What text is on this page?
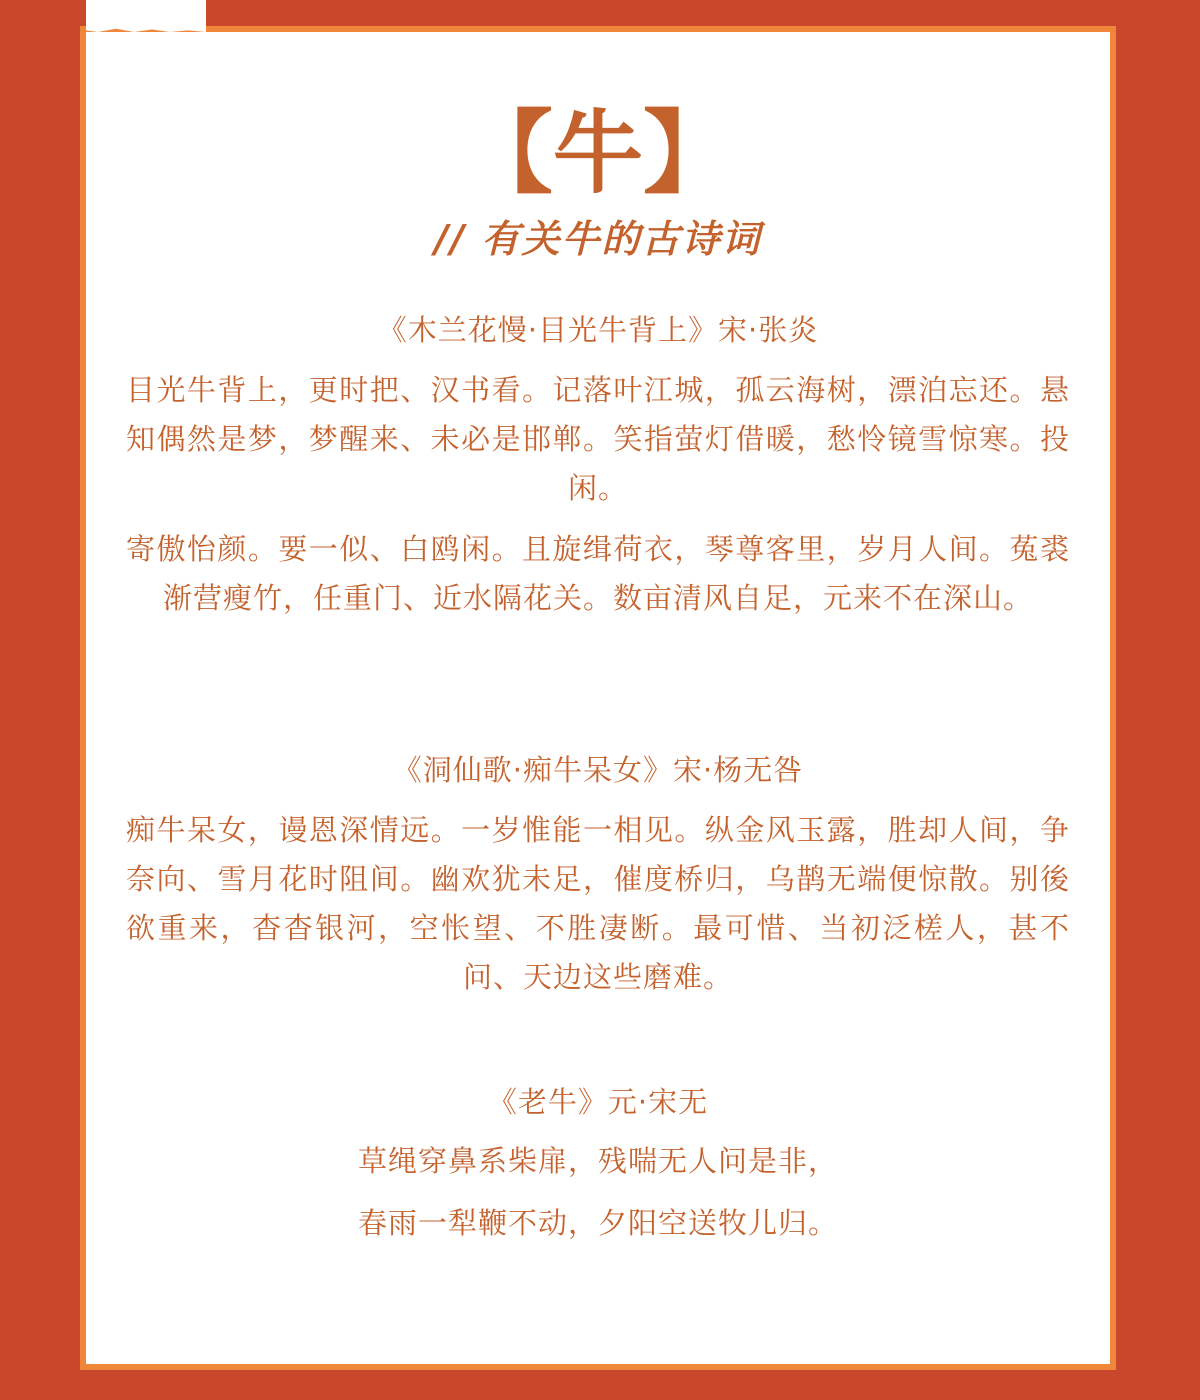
【牛】
// 有关牛的古诗词
《木兰花慢·目光牛背上》宋·张炎
目光牛背上，更时把、汉书看。记落叶江城，孤云海树，漂泊忘还。悬知偶然是梦，梦醒来、未必是邯郸。笑指萤灯借暖，愁怜镜雪惊寒。投闲。
寄傲怡颜。要一似、白鸥闲。且旋缉荷衣，琴尊客里，岁月人间。菟裘渐营瘦竹，任重门、近水隔花关。数亩清风自足，元来不在深山。
《洞仙歌·痴牛呆女》宋·杨无咎
痴牛呆女，谩恩深情远。一岁惟能一相见。纵金风玉露，胜却人间，争奈向、雪月花时阻间。幽欢犹未足，催度桥归，乌鹊无端便惊散。别後欲重来，杳杳银河，空怅望、不胜凄断。最可惜、当初泛槎人，甚不问、天边这些磨难。
《老牛》元·宋无
草绳穿鼻系柴扉，残喘无人问是非，
春雨一犁鞭不动，夕阳空送牧儿归。
